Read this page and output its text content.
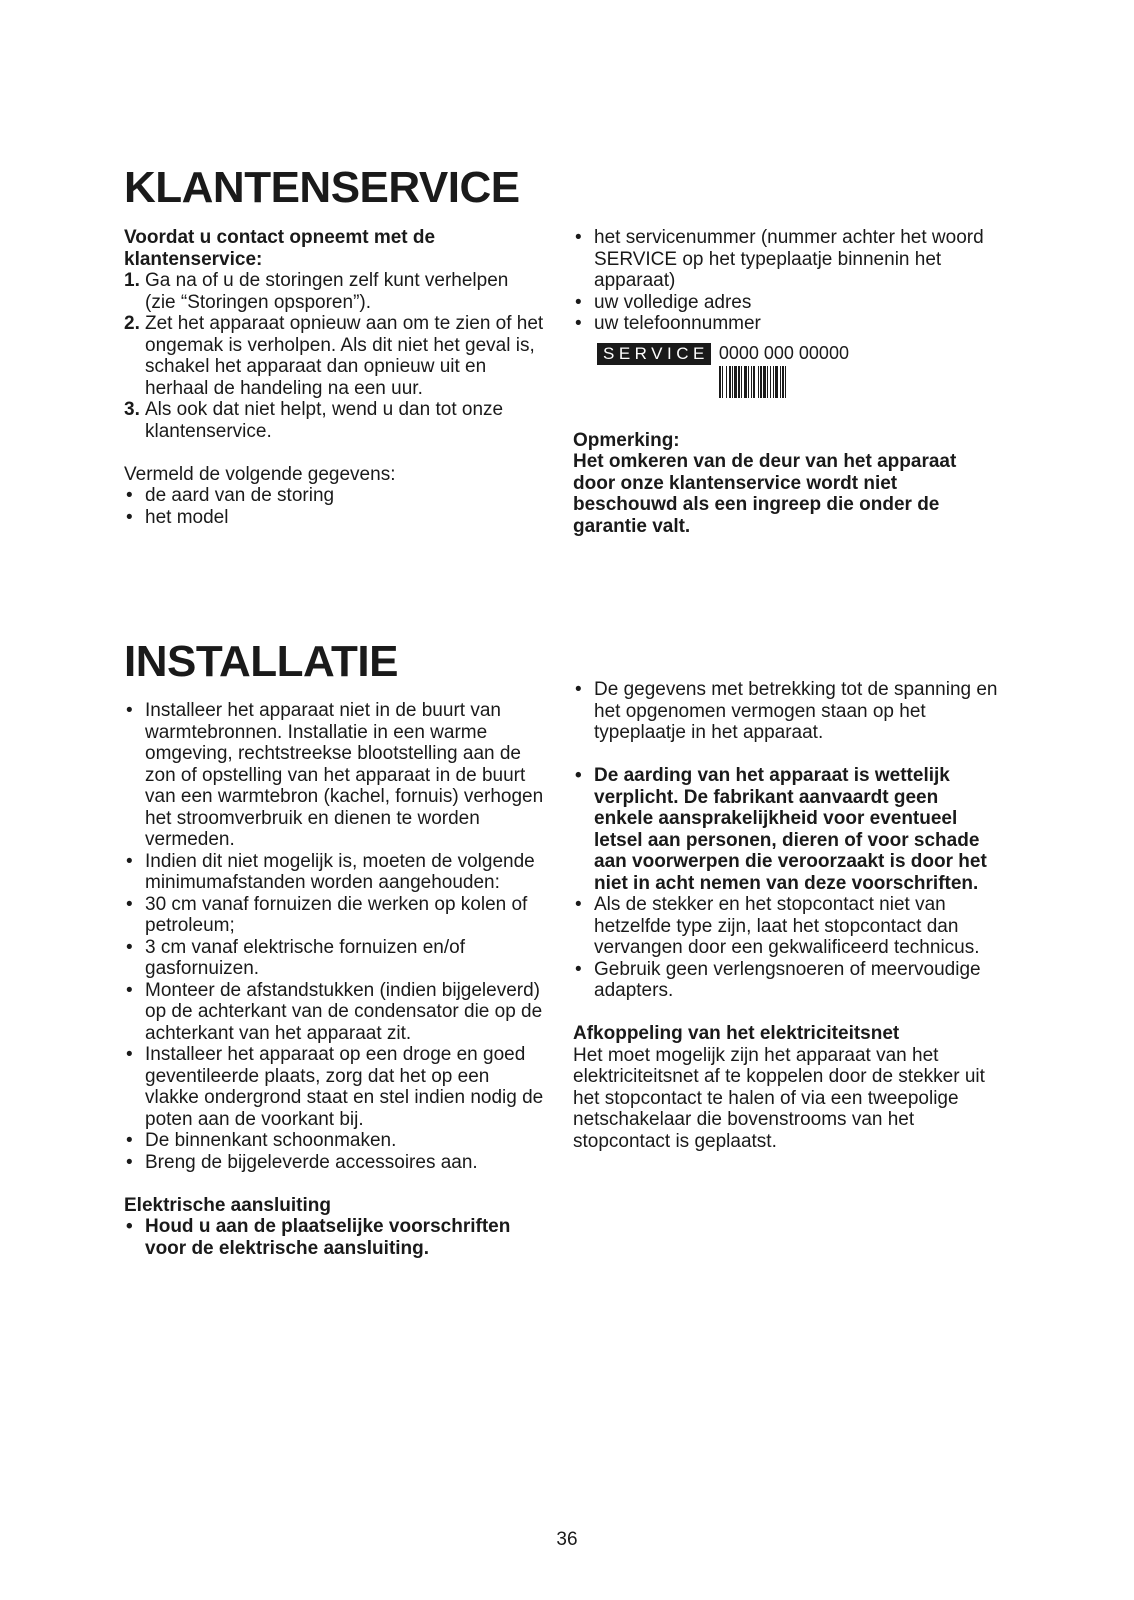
KLANTENSERVICE

Voordat u contact opneemt met de klantenservice:

1. Ga na of u de storingen zelf kunt verhelpen (zie “Storingen opsporen”).
2. Zet het apparaat opnieuw aan om te zien of het ongemak is verholpen. Als dit niet het geval is, schakel het apparaat dan opnieuw uit en herhaal de handeling na een uur.
3. Als ook dat niet helpt, wend u dan tot onze klantenservice.

Vermeld de volgende gegevens:

• de aard van de storing
• het model
• het servicenummer (nummer achter het woord SERVICE op het typeplaatje binnenin het apparaat)
• uw volledige adres
• uw telefoonnummer
SERVICE 0000 000 00000

Opmerking:

Het omkeren van de deur van het apparaat door onze klantenservice wordt niet beschouwd als een ingreep die onder de garantie valt.

INSTALLATIE
• Installeer het apparaat niet in de buurt van warmtebronnen. Installatie in een warme omgeving, rechtstreekse blootstelling aan de zon of opstelling van het apparaat in de buurt van een warmtebron (kachel, fornuis) verhogen het stroomverbruik en dienen te worden vermeden.
• Indien dit niet mogelijk is, moeten de volgende minimumafstanden worden aangehouden:
• 30 cm vanaf fornuizen die werken op kolen of petroleum;
• 3 cm vanaf elektrische fornuizen en/of gasfornuizen.
• Monteer de afstandstukken (indien bijgeleverd) op de achterkant van de condensator die op de achterkant van het apparaat zit.
• Installeer het apparaat op een droge en goed geventileerde plaats, zorg dat het op een vlakke ondergrond staat en stel indien nodig de poten aan de voorkant bij.
• De binnenkant schoonmaken.
• Breng de bijgeleverde accessoires aan.

Elektrische aansluiting

• Houd u aan de plaatselijke voorschriften voor de elektrische aansluiting.
• De gegevens met betrekking tot de spanning en het opgenomen vermogen staan op het typeplaatje in het apparaat.
• De aarding van het apparaat is wettelijk verplicht. De fabrikant aanvaardt geen enkele aansprakelijkheid voor eventueel letsel aan personen, dieren of voor schade aan voorwerpen die veroorzaakt is door het niet in acht nemen van deze voorschriften.
• Als de stekker en het stopcontact niet van hetzelfde type zijn, laat het stopcontact dan vervangen door een gekwalificeerd technicus.
• Gebruik geen verlengsnoeren of meervoudige adapters.

Afkoppeling van het elektriciteitsnet

Het moet mogelijk zijn het apparaat van het elektriciteitsnet af te koppelen door de stekker uit het stopcontact te halen of via een tweepolige netschakelaar die bovenstrooms van het stopcontact is geplaatst.

36
